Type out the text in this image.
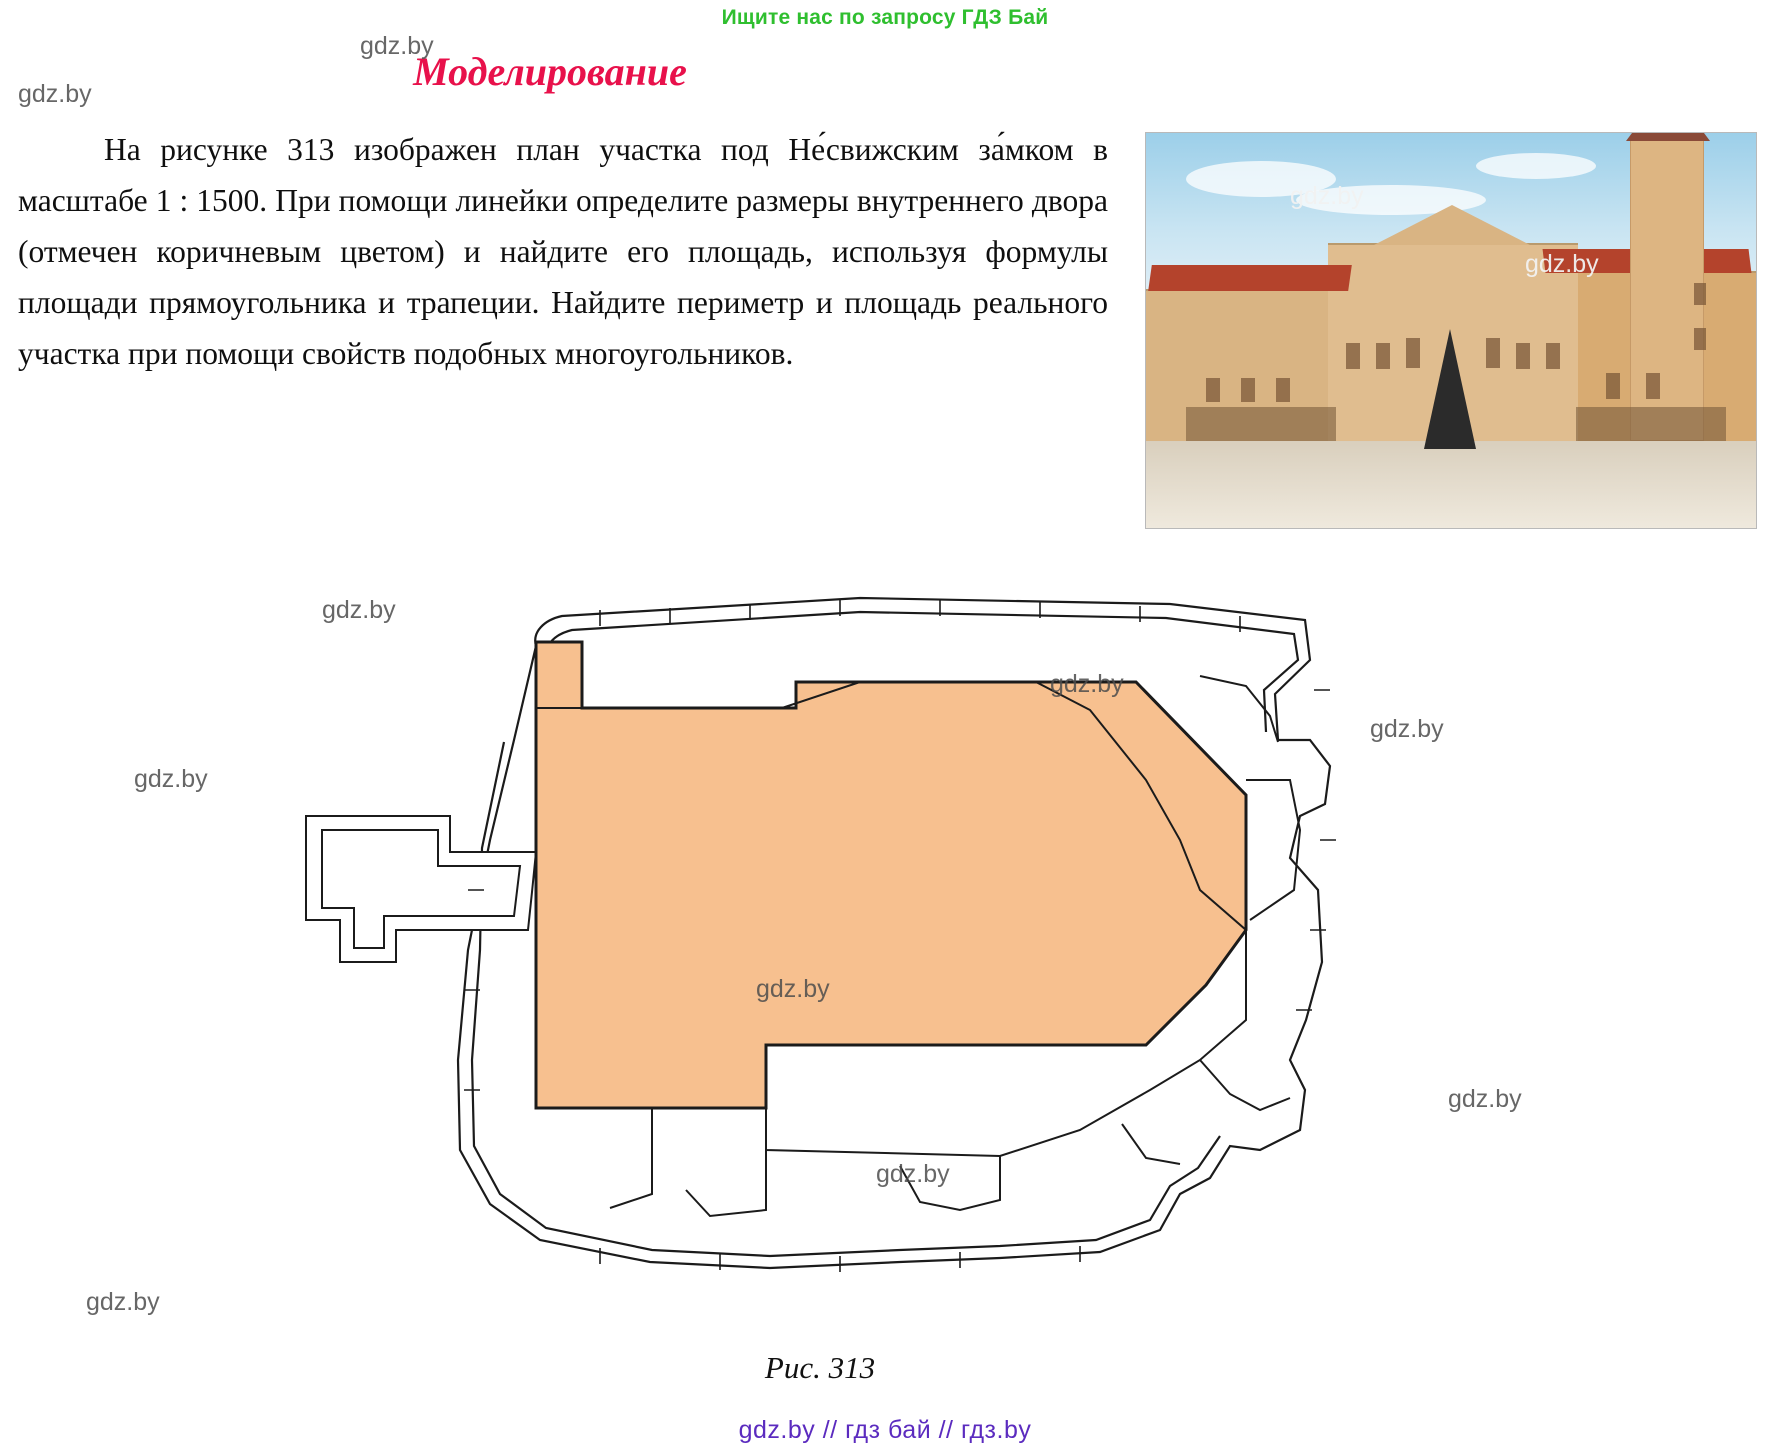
Ищите нас по запросу ГДЗ Бай
Моделирование
На рисунке 313 изображен план участка под Не́свижским за́мком в масштабе 1 : 1500. При помощи линейки определите размеры внутреннего двора (отмечен коричневым цветом) и найдите его площадь, используя формулы площади прямоугольника и трапеции. Найдите периметр и площадь реального участка при помощи свойств подобных многоугольников.
Рис. 313
gdz.by
gdz.by
gdz.by
gdz.by
gdz.by
gdz.by
gdz.by
gdz.by
gdz.by
gdz.by
gdz.by
gdz.by
gdz.by // гдз бай // гдз.by
